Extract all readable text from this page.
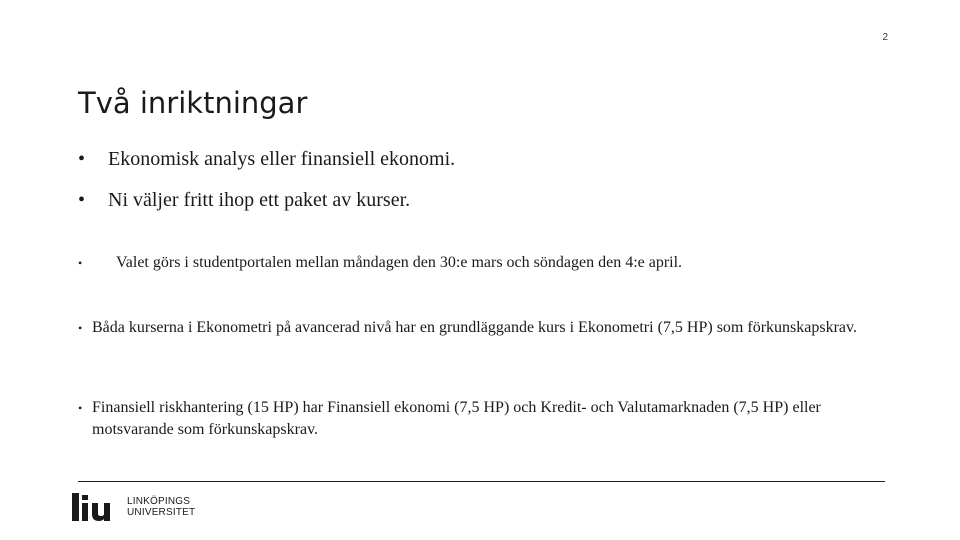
2
Två inriktningar
•	Ekonomisk analys eller finansiell ekonomi.
•	Ni väljer fritt ihop ett paket av kurser.
•	Valet görs i studentportalen mellan måndagen den 30:e mars och söndagen den 4:e april.
• Båda kurserna i Ekonometri på avancerad nivå har en grundläggande kurs i Ekonometri (7,5 HP) som förkunskapskrav.
• Finansiell riskhantering (15 HP) har Finansiell ekonomi (7,5 HP) och Kredit- och Valutamarknaden (7,5 HP) eller motsvarande som förkunskapskrav.
LINKÖPINGS
UNIVERSITET
